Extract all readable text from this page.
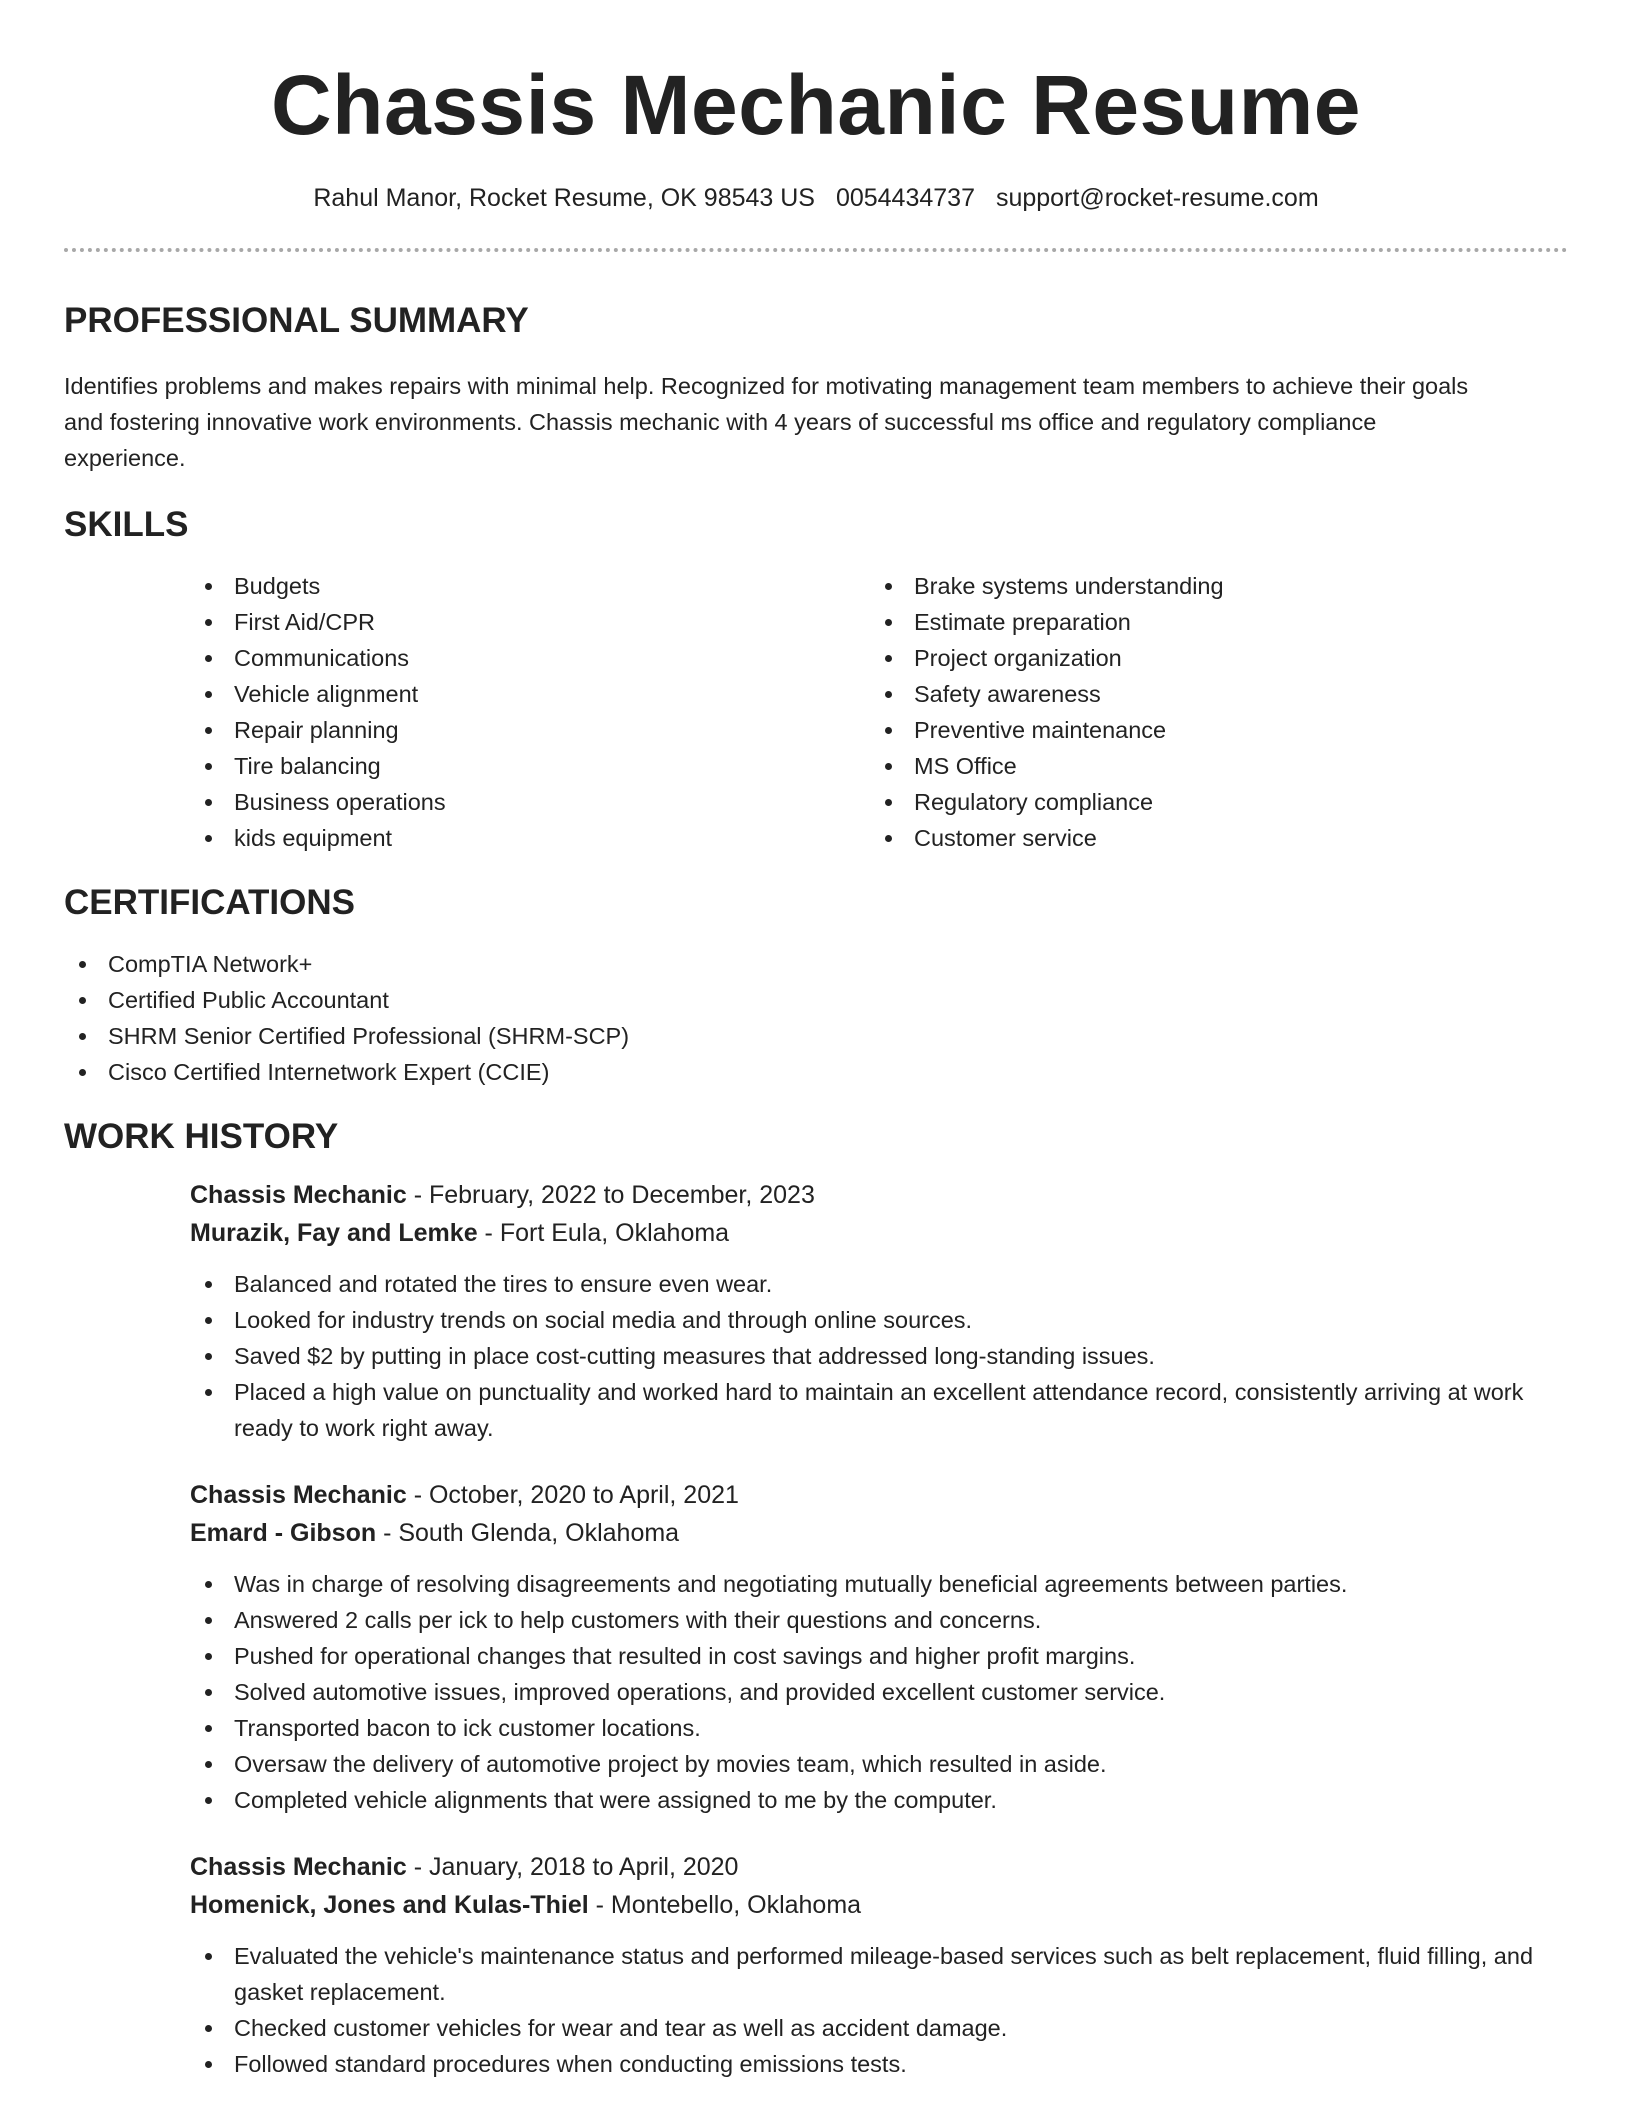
Chassis Mechanic Resume
Rahul Manor, Rocket Resume, OK 98543 US 0054434737 support@rocket-resume.com
PROFESSIONAL SUMMARY

Identifies problems and makes repairs with minimal help. Recognized for motivating management team members to achieve their goals and fostering innovative work environments. Chassis mechanic with 4 years of successful ms office and regulatory compliance experience.

SKILLS
Budgets
First Aid/CPR
Communications
Vehicle alignment
Repair planning
Tire balancing
Business operations
kids equipment
Brake systems understanding
Estimate preparation
Project organization
Safety awareness
Preventive maintenance
MS Office
Regulatory compliance
Customer service
CERTIFICATIONS
CompTIA Network+
Certified Public Accountant
SHRM Senior Certified Professional (SHRM-SCP)
Cisco Certified Internetwork Expert (CCIE)
WORK HISTORY
Chassis Mechanic - February, 2022 to December, 2023
Murazik, Fay and Lemke - Fort Eula, Oklahoma
Balanced and rotated the tires to ensure even wear.
Looked for industry trends on social media and through online sources.
Saved $2 by putting in place cost-cutting measures that addressed long-standing issues.
Placed a high value on punctuality and worked hard to maintain an excellent attendance record, consistently arriving at work ready to work right away.
Chassis Mechanic - October, 2020 to April, 2021
Emard - Gibson - South Glenda, Oklahoma
Was in charge of resolving disagreements and negotiating mutually beneficial agreements between parties.
Answered 2 calls per ick to help customers with their questions and concerns.
Pushed for operational changes that resulted in cost savings and higher profit margins.
Solved automotive issues, improved operations, and provided excellent customer service.
Transported bacon to ick customer locations.
Oversaw the delivery of automotive project by movies team, which resulted in aside.
Completed vehicle alignments that were assigned to me by the computer.
Chassis Mechanic - January, 2018 to April, 2020
Homenick, Jones and Kulas-Thiel - Montebello, Oklahoma
Evaluated the vehicle's maintenance status and performed mileage-based services such as belt replacement, fluid filling, and gasket replacement.
Checked customer vehicles for wear and tear as well as accident damage.
Followed standard procedures when conducting emissions tests.
